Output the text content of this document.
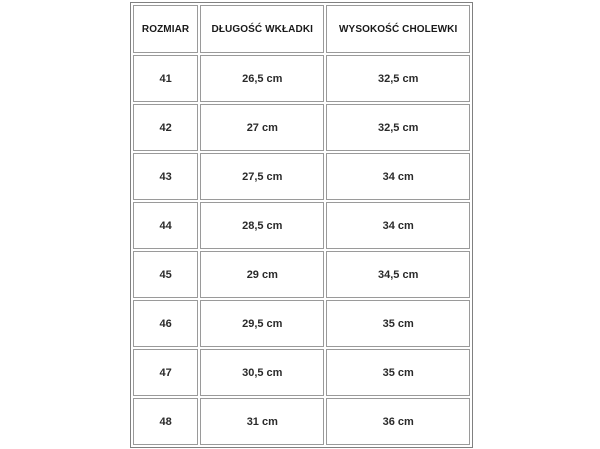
ROZMIAR	DŁUGOŚĆ WKŁADKI	WYSOKOŚĆ CHOLEWKI
41	26,5 cm	32,5 cm
42	27 cm	32,5 cm
43	27,5 cm	34 cm
44	28,5 cm	34 cm
45	29 cm	34,5 cm
46	29,5 cm	35 cm
47	30,5 cm	35 cm
48	31 cm	36 cm
